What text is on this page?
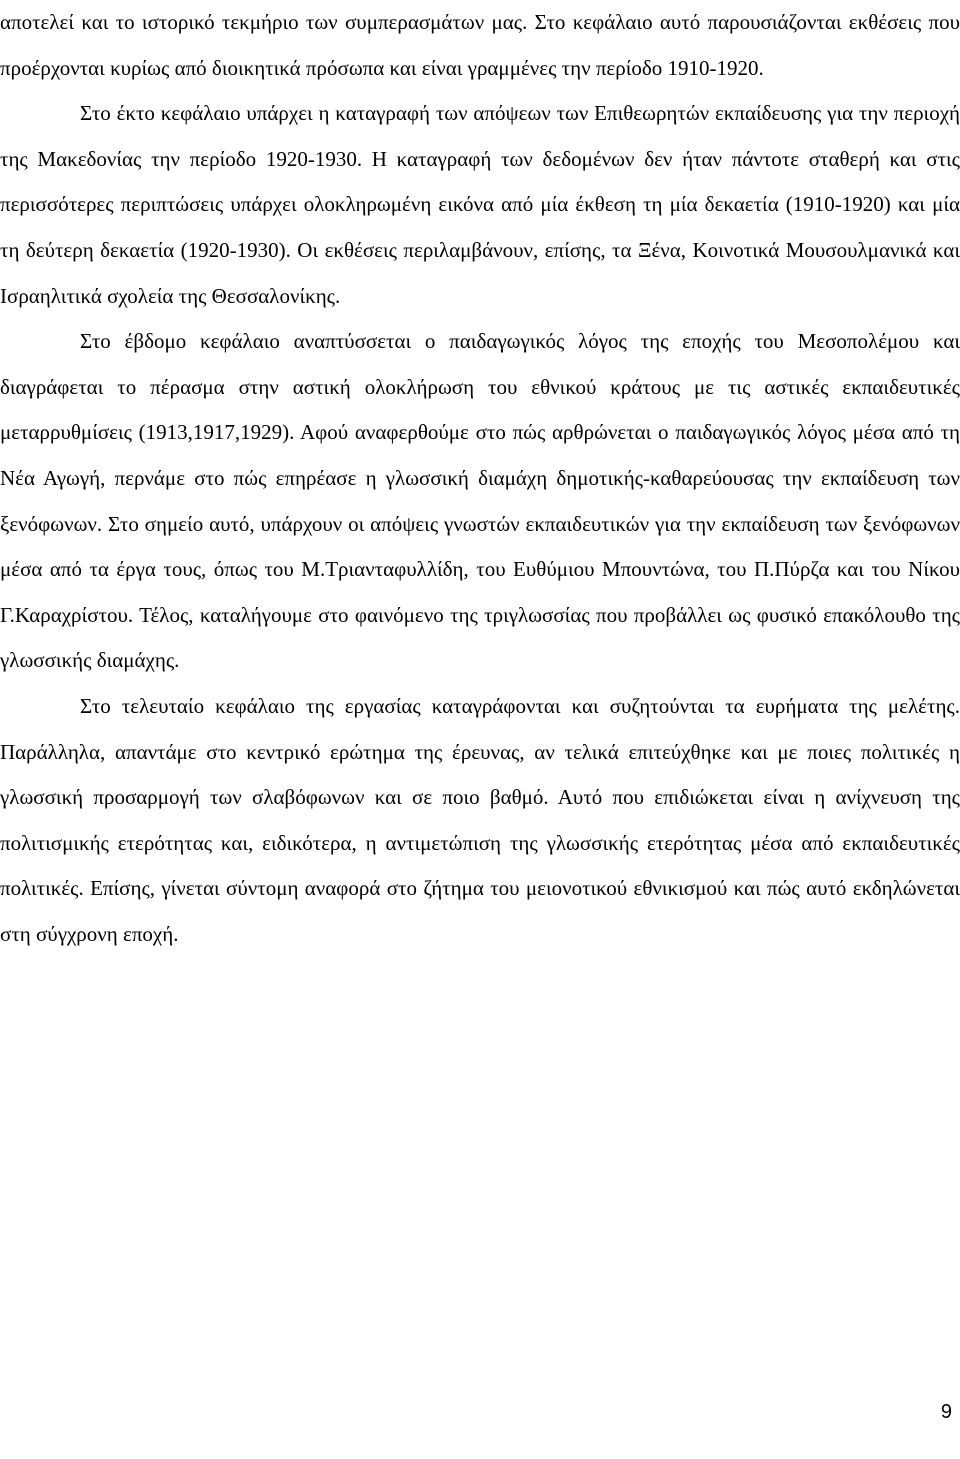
αποτελεί και το ιστορικό τεκμήριο των συμπερασμάτων μας. Στο κεφάλαιο αυτό παρουσιάζονται εκθέσεις που προέρχονται κυρίως από διοικητικά πρόσωπα και είναι γραμμένες την περίοδο 1910-1920.

Στο έκτο κεφάλαιο υπάρχει η καταγραφή των απόψεων των Επιθεωρητών εκπαίδευσης για την περιοχή της Μακεδονίας την περίοδο 1920-1930. Η καταγραφή των δεδομένων δεν ήταν πάντοτε σταθερή και στις περισσότερες περιπτώσεις υπάρχει ολοκληρωμένη εικόνα από μία έκθεση τη μία δεκαετία (1910-1920) και μία τη δεύτερη δεκαετία (1920-1930). Οι εκθέσεις περιλαμβάνουν, επίσης, τα Ξένα, Κοινοτικά Μουσουλμανικά και Ισραηλιτικά σχολεία της Θεσσαλονίκης.

Στο έβδομο κεφάλαιο αναπτύσσεται ο παιδαγωγικός λόγος της εποχής του Μεσοπολέμου και διαγράφεται το πέρασμα στην αστική ολοκλήρωση του εθνικού κράτους με τις αστικές εκπαιδευτικές μεταρρυθμίσεις (1913,1917,1929). Αφού αναφερθούμε στο πώς αρθρώνεται ο παιδαγωγικός λόγος μέσα από τη Νέα Αγωγή, περνάμε στο πώς επηρέασε η γλωσσική διαμάχη δημοτικής-καθαρεύουσας την εκπαίδευση των ξενόφωνων. Στο σημείο αυτό, υπάρχουν οι απόψεις γνωστών εκπαιδευτικών για την εκπαίδευση των ξενόφωνων μέσα από τα έργα τους, όπως του Μ.Τριανταφυλλίδη, του Ευθύμιου Μπουντώνα, του Π.Πύρζα και του Νίκου Γ.Καραχρίστου. Τέλος, καταλήγουμε στο φαινόμενο της τριγλωσσίας που προβάλλει ως φυσικό επακόλουθο της γλωσσικής διαμάχης.

Στο τελευταίο κεφάλαιο της εργασίας καταγράφονται και συζητούνται τα ευρήματα της μελέτης. Παράλληλα, απαντάμε στο κεντρικό ερώτημα της έρευνας, αν τελικά επιτεύχθηκε και με ποιες πολιτικές η γλωσσική προσαρμογή των σλαβόφωνων και σε ποιο βαθμό. Αυτό που επιδιώκεται είναι η ανίχνευση της πολιτισμικής ετερότητας και, ειδικότερα, η αντιμετώπιση της γλωσσικής ετερότητας μέσα από εκπαιδευτικές πολιτικές. Επίσης, γίνεται σύντομη αναφορά στο ζήτημα του μειονοτικού εθνικισμού και πώς αυτό εκδηλώνεται στη σύγχρονη εποχή.

9
